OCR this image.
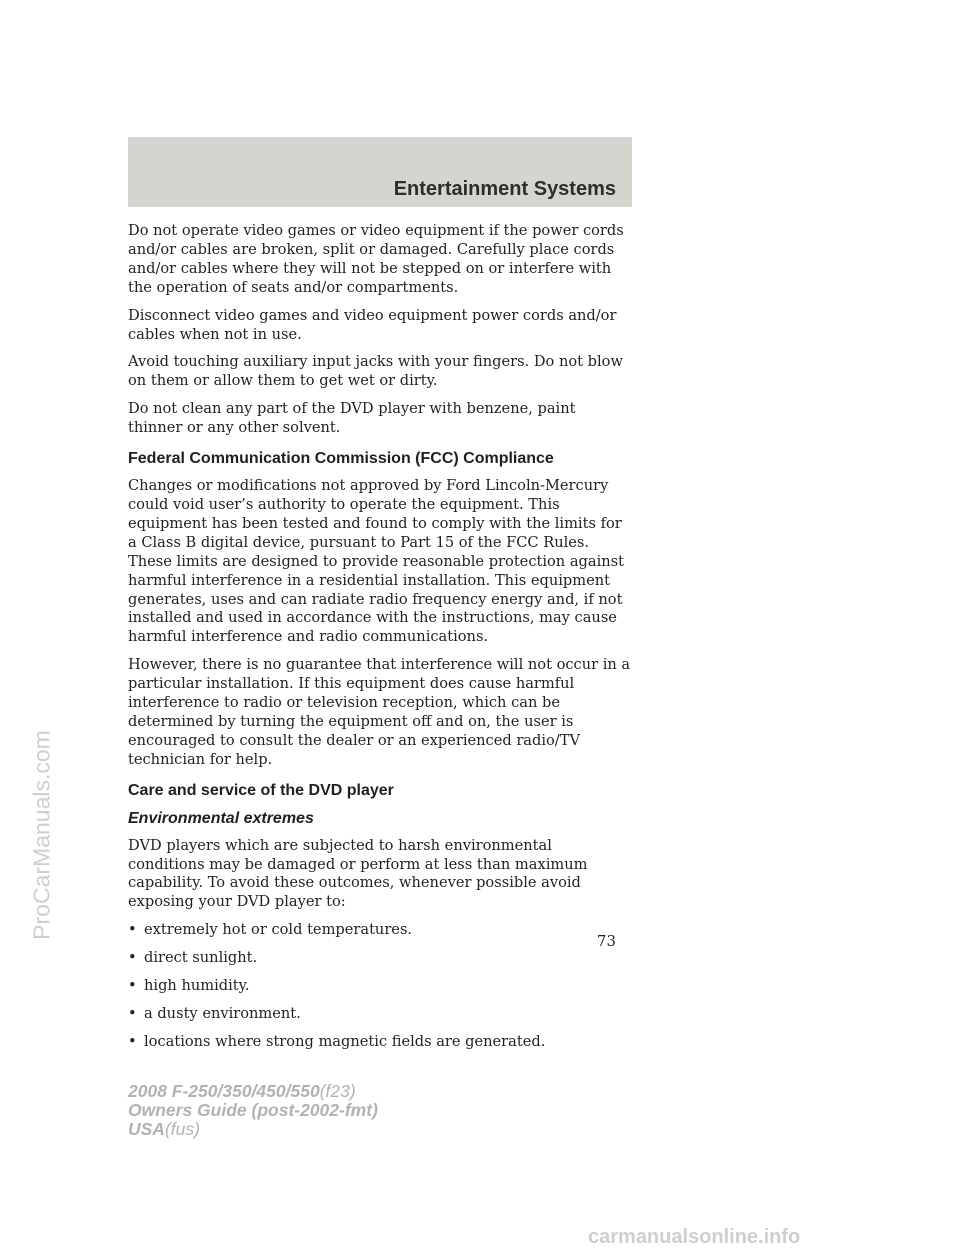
Entertainment Systems

Do not operate video games or video equipment if the power cords and/or cables are broken, split or damaged. Carefully place cords and/or cables where they will not be stepped on or interfere with the operation of seats and/or compartments.

Disconnect video games and video equipment power cords and/or cables when not in use.

Avoid touching auxiliary input jacks with your fingers. Do not blow on them or allow them to get wet or dirty.

Do not clean any part of the DVD player with benzene, paint thinner or any other solvent.

Federal Communication Commission (FCC) Compliance

Changes or modifications not approved by Ford Lincoln-Mercury could void user’s authority to operate the equipment. This equipment has been tested and found to comply with the limits for a Class B digital device, pursuant to Part 15 of the FCC Rules. These limits are designed to provide reasonable protection against harmful interference in a residential installation. This equipment generates, uses and can radiate radio frequency energy and, if not installed and used in accordance with the instructions, may cause harmful interference and radio communications.

However, there is no guarantee that interference will not occur in a particular installation. If this equipment does cause harmful interference to radio or television reception, which can be determined by turning the equipment off and on, the user is encouraged to consult the dealer or an experienced radio/TV technician for help.

Care and service of the DVD player
Environmental extremes

DVD players which are subjected to harsh environmental conditions may be damaged or perform at less than maximum capability. To avoid these outcomes, whenever possible avoid exposing your DVD player to:

• extremely hot or cold temperatures.
• direct sunlight.
• high humidity.
• a dusty environment.
• locations where strong magnetic fields are generated.
73
2008 F-250/350/450/550(f23)
Owners Guide (post-2002-fmt)
USA(fus)
ProCarManuals.com
carmanualsonline.info
